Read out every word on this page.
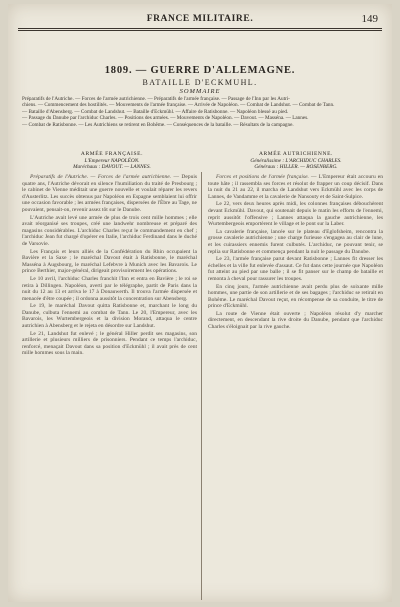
FRANCE MILITAIRE.	149
1809. — GUERRE D'ALLEMAGNE.
BATAILLE D'ECKMUHL.
SOMMAIRE
Préparatifs de l'Autriche. — Forces de l'armée autrichienne. — Préparatifs de l'armée française. — Passage de l'Inn par les Autri-
chiens. — Commencement des hostilités. — Mouvements de l'armée française. — Arrivée de Napoléon. — Combat de Landshut. — Combat de Tann.
— Bataille d'Abensberg. — Combat de Landshut. — Bataille d'Eckmühl. — Affaire de Ratisbonne. — Napoléon blessé au pied.
— Passage du Danube par l'archiduc Charles. — Positions des armées. — Mouvements de Napoléon. — Davout. — Masséna. — Lannes.
— Combat de Ratisbonne. — Les Autrichiens se retirent en Bohême. — Conséquences de la bataille. — Résultats de la campagne.
ARMÉE FRANÇAISE.
L'Empereur NAPOLÉON.
Maréchaux : DAVOUT. — LANNES.
ARMÉE AUTRICHIENNE.
Généralissime : L'ARCHIDUC CHARLES.
Généraux : HILLER. — ROSENBERG.

Préparatifs de l'Autriche. — Forces de l'armée autrichienne. — Depuis quatre ans, l'Autriche dévorait en silence l'humiliation du traité de Presbourg ; le cabinet de Vienne méditait une guerre nouvelle et voulait réparer les revers d'Austerlitz. Les succès obtenus par Napoléon en Espagne semblaient lui offrir une occasion favorable ; les armées françaises, dispersées de l'Èbre au Tage, ne pouvaient, pensait-on, revenir assez tôt sur le Danube.

L'Autriche avait levé une armée de plus de trois cent mille hommes ; elle avait réorganisé ses troupes, créé une landwehr nombreuse et préparé des magasins considérables. L'archiduc Charles reçut le commandement en chef ; l'archiduc Jean fut chargé d'opérer en Italie, l'archiduc Ferdinand dans le duché de Varsovie.

Les Français et leurs alliés de la Confédération du Rhin occupaient la Bavière et la Saxe ; le maréchal Davout était à Ratisbonne, le maréchal Masséna à Augsbourg, le maréchal Lefebvre à Munich avec les Bavarois. Le prince Berthier, major-général, dirigeait provisoirement les opérations.

Le 10 avril, l'archiduc Charles franchit l'Inn et entra en Bavière ; le roi se retira à Dillingen. Napoléon, averti par le télégraphe, partit de Paris dans la nuit du 12 au 13 et arriva le 17 à Donauwerth. Il trouva l'armée dispersée et menacée d'être coupée ; il ordonna aussitôt la concentration sur Abensberg.

Le 19, le maréchal Davout quitta Ratisbonne et, marchant le long du Danube, culbuta l'ennemi au combat de Tann. Le 20, l'Empereur, avec les Bavarois, les Wurtembergeois et la division Morand, attaqua le centre autrichien à Abensberg et le rejeta en désordre sur Landshut.

Le 21, Landshut fut enlevé ; le général Hiller perdit ses magasins, son artillerie et plusieurs milliers de prisonniers. Pendant ce temps l'archiduc, renforcé, menaçait Davout dans sa position d'Eckmühl ; il avait près de cent mille hommes sous la main.

Forces et positions de l'armée française. — L'Empereur était accouru en toute hâte ; il rassembla ses forces et résolut de frapper un coup décisif. Dans la nuit du 21 au 22, il marcha de Landshut vers Eckmühl avec les corps de Lannes, de Vandamme et la cavalerie de Nansouty et de Saint-Sulpice.

Le 22, vers deux heures après midi, les colonnes françaises débouchèrent devant Eckmühl. Davout, qui soutenait depuis le matin les efforts de l'ennemi, reprit aussitôt l'offensive ; Lannes attaqua la gauche autrichienne, les Wurtembergeois emportèrent le village et le pont sur la Laber.

La cavalerie française, lancée sur le plateau d'Eglofsheim, rencontra la grosse cavalerie autrichienne ; une charge furieuse s'engagea au clair de lune, et les cuirassiers ennemis furent culbutés. L'archiduc, ne pouvant tenir, se replia sur Ratisbonne et commença pendant la nuit le passage du Danube.

Le 23, l'armée française parut devant Ratisbonne ; Lannes fit dresser les échelles et la ville fut enlevée d'assaut. Ce fut dans cette journée que Napoléon fut atteint au pied par une balle ; il se fit panser sur le champ de bataille et remonta à cheval pour rassurer les troupes.

En cinq jours, l'armée autrichienne avait perdu plus de soixante mille hommes, une partie de son artillerie et de ses bagages ; l'archiduc se retirait en Bohême. Le maréchal Davout reçut, en récompense de sa conduite, le titre de prince d'Eckmühl.

La route de Vienne était ouverte ; Napoléon résolut d'y marcher directement, en descendant la rive droite du Danube, pendant que l'archiduc Charles s'éloignait par la rive gauche.
